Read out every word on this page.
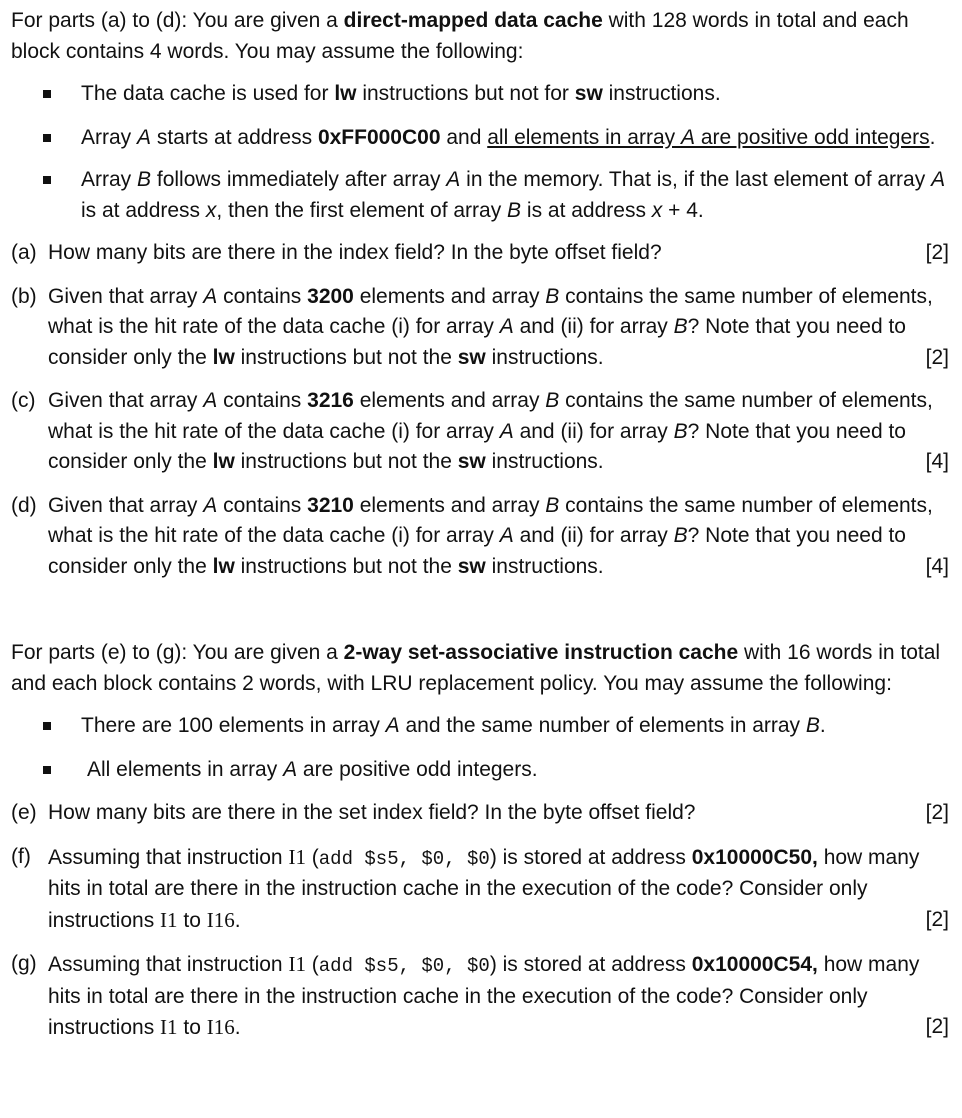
For parts (a) to (d): You are given a direct-mapped data cache with 128 words in total and each block contains 4 words. You may assume the following:

The data cache is used for lw instructions but not for sw instructions.

Array A starts at address 0xFF000C00 and all elements in array A are positive odd integers.

Array B follows immediately after array A in the memory. That is, if the last element of array A is at address x, then the first element of array B is at address x + 4.

(a) How many bits are there in the index field? In the byte offset field?	[2]

(b) Given that array A contains 3200 elements and array B contains the same number of elements, what is the hit rate of the data cache (i) for array A and (ii) for array B? Note that you need to consider only the lw instructions but not the sw instructions.	[2]

(c) Given that array A contains 3216 elements and array B contains the same number of elements, what is the hit rate of the data cache (i) for array A and (ii) for array B? Note that you need to consider only the lw instructions but not the sw instructions.	[4]

(d) Given that array A contains 3210 elements and array B contains the same number of elements, what is the hit rate of the data cache (i) for array A and (ii) for array B? Note that you need to consider only the lw instructions but not the sw instructions.	[4]

For parts (e) to (g): You are given a 2-way set-associative instruction cache with 16 words in total and each block contains 2 words, with LRU replacement policy. You may assume the following:

There are 100 elements in array A and the same number of elements in array B.

All elements in array A are positive odd integers.

(e) How many bits are there in the set index field? In the byte offset field?	[2]

(f) Assuming that instruction I1 (add $s5, $0, $0) is stored at address 0x10000C50, how many hits in total are there in the instruction cache in the execution of the code? Consider only instructions I1 to I16.	[2]

(g) Assuming that instruction I1 (add $s5, $0, $0) is stored at address 0x10000C54, how many hits in total are there in the instruction cache in the execution of the code? Consider only instructions I1 to I16.	[2]
